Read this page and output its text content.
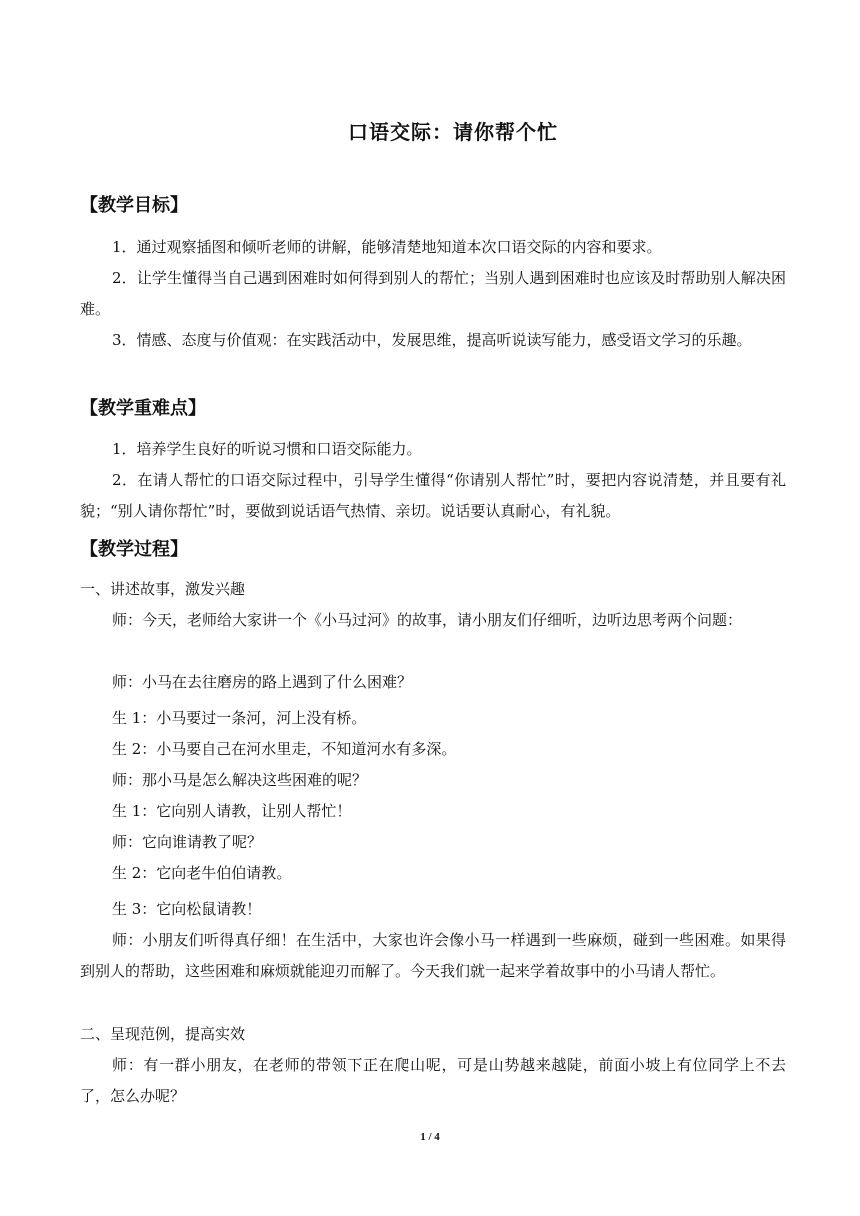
口语交际：请你帮个忙
【教学目标】
1．通过观察插图和倾听老师的讲解，能够清楚地知道本次口语交际的内容和要求。
2．让学生懂得当自己遇到困难时如何得到别人的帮忙；当别人遇到困难时也应该及时帮助别人解决困难。
3．情感、态度与价值观：在实践活动中，发展思维，提高听说读写能力，感受语文学习的乐趣。
【教学重难点】
1．培养学生良好的听说习惯和口语交际能力。
2．在请人帮忙的口语交际过程中，引导学生懂得“你请别人帮忙”时，要把内容说清楚，并且要有礼貌；“别人请你帮忙”时，要做到说话语气热情、亲切。说话要认真耐心，有礼貌。
【教学过程】
一、讲述故事，激发兴趣
师：今天，老师给大家讲一个《小马过河》的故事，请小朋友们仔细听，边听边思考两个问题：
师：小马在去往磨房的路上遇到了什么困难？
生 1：小马要过一条河，河上没有桥。
生 2：小马要自己在河水里走，不知道河水有多深。
师：那小马是怎么解决这些困难的呢？
生 1：它向别人请教，让别人帮忙！
师：它向谁请教了呢？
生 2：它向老牛伯伯请教。
生 3：它向松鼠请教！
师：小朋友们听得真仔细！在生活中，大家也许会像小马一样遇到一些麻烦，碰到一些困难。如果得到别人的帮助，这些困难和麻烦就能迎刃而解了。今天我们就一起来学着故事中的小马请人帮忙。
二、呈现范例，提高实效
师：有一群小朋友，在老师的带领下正在爬山呢，可是山势越来越陡，前面小坡上有位同学上不去了，怎么办呢？
1 / 4
